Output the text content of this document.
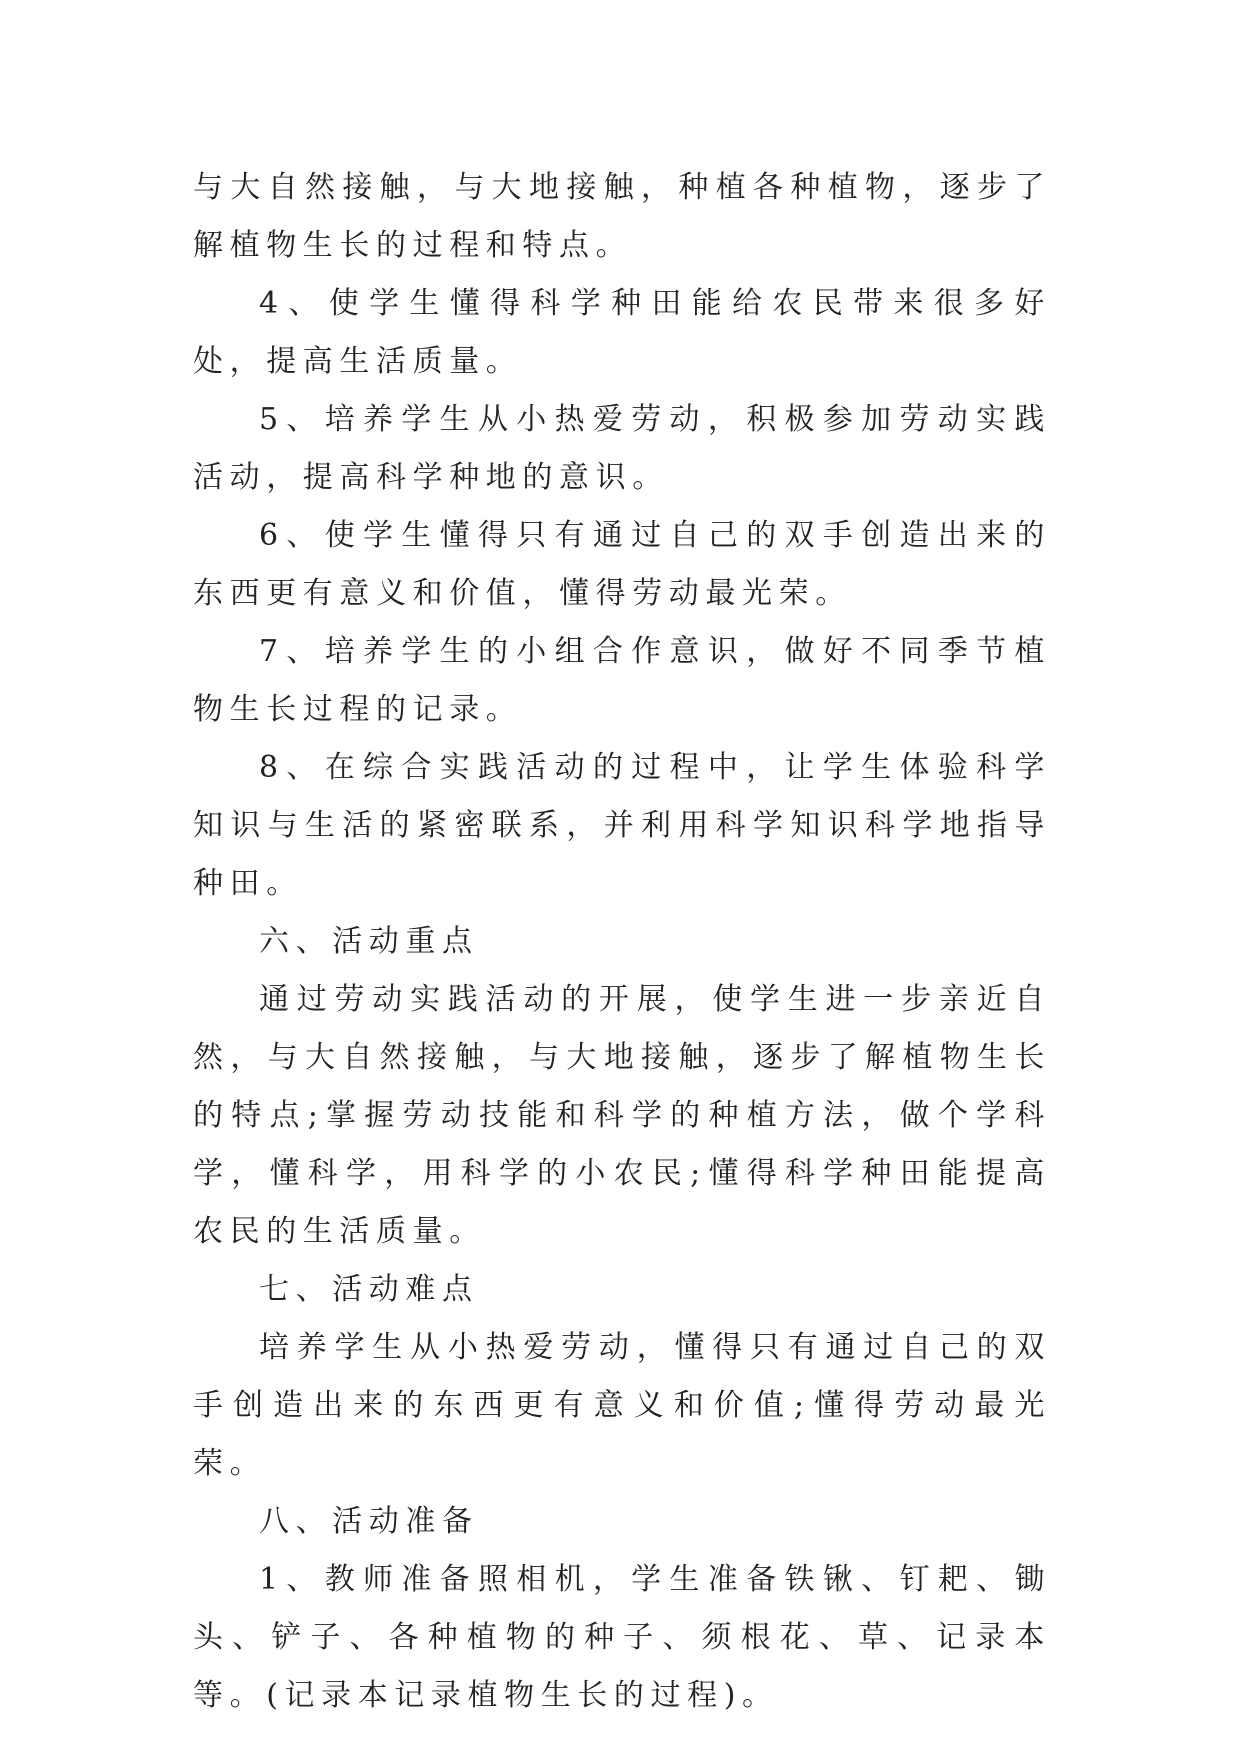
与大自然接触，与大地接触，种植各种植物，逐步了解植物生长的过程和特点。

4、使学生懂得科学种田能给农民带来很多好处，提高生活质量。

5、培养学生从小热爱劳动，积极参加劳动实践活动，提高科学种地的意识。

6、使学生懂得只有通过自己的双手创造出来的东西更有意义和价值，懂得劳动最光荣。

7、培养学生的小组合作意识，做好不同季节植物生长过程的记录。

8、在综合实践活动的过程中，让学生体验科学知识与生活的紧密联系，并利用科学知识科学地指导种田。

六、活动重点

通过劳动实践活动的开展，使学生进一步亲近自然，与大自然接触，与大地接触，逐步了解植物生长的特点;掌握劳动技能和科学的种植方法，做个学科学，懂科学，用科学的小农民;懂得科学种田能提高农民的生活质量。

七、活动难点

培养学生从小热爱劳动，懂得只有通过自己的双手创造出来的东西更有意义和价值;懂得劳动最光荣。

八、活动准备

1、教师准备照相机，学生准备铁锹、钉耙、锄头、铲子、各种植物的种子、须根花、草、记录本等。(记录本记录植物生长的过程)。
